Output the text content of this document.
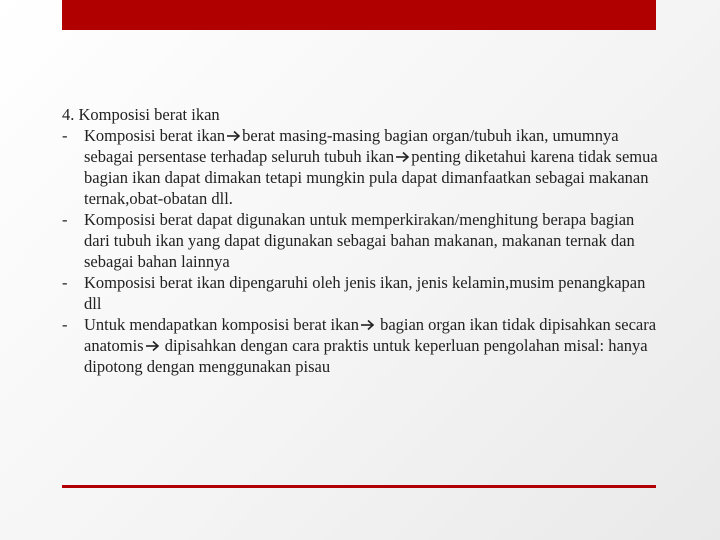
4. Komposisi berat ikan

-	Komposisi berat ikan berat masing-masing bagian organ/tubuh ikan, umumnya sebagai persentase terhadap seluruh tubuh ikan penting diketahui karena tidak semua bagian ikan dapat dimakan tetapi mungkin pula dapat dimanfaatkan sebagai makanan ternak,obat-obatan dll.
-	Komposisi berat dapat digunakan untuk memperkirakan/menghitung berapa bagian dari tubuh ikan yang dapat digunakan sebagai bahan makanan, makanan ternak dan sebagai bahan lainnya
-	Komposisi berat ikan dipengaruhi oleh jenis ikan, jenis kelamin,musim penangkapan dll
-	Untuk mendapatkan komposisi berat ikan bagian organ ikan tidak dipisahkan secara anatomis dipisahkan dengan cara praktis untuk keperluan pengolahan misal: hanya dipotong dengan menggunakan pisau
